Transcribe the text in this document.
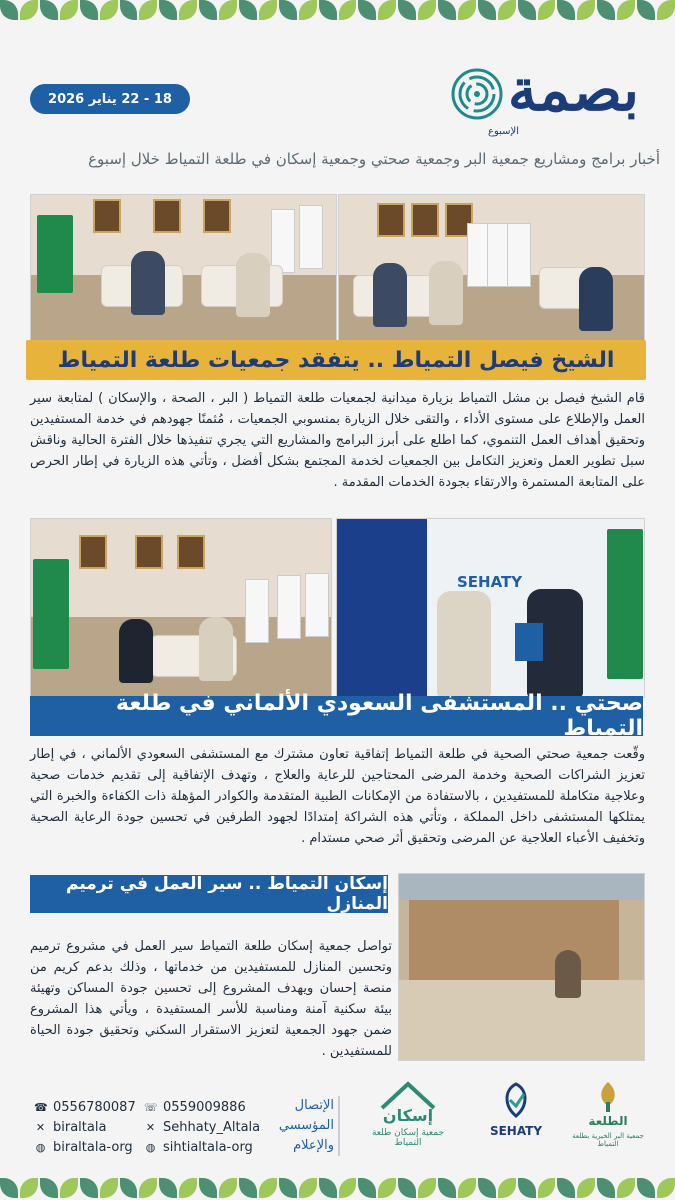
18 - 22 يناير 2026	بصمة
الإسبوع
أخبار برامج ومشاريع جمعية البر وجمعية صحتي وجمعية إسكان في طلعة التمياط خلال إسبوع
الشيخ فيصل التمياط .. يتفقد جمعيات طلعة التمياط
قام الشيخ فيصل بن مشل التمياط بزيارة ميدانية لجمعيات طلعة التمياط ( البر ، الصحة ، والإسكان ) لمتابعة سير العمل والإطلاع على مستوى الأداء ، والتقى خلال الزيارة بمنسوبي الجمعيات ، مُثمنًا جهودهم في خدمة المستفيدين وتحقيق أهداف العمل التنموي، كما اطلع على أبرز البرامج والمشاريع التي يجري تنفيذها خلال الفترة الحالية وناقش سبل تطوير العمل وتعزيز التكامل بين الجمعيات لخدمة المجتمع بشكل أفضل ، وتأتي هذه الزيارة في إطار الحرص على المتابعة المستمرة والارتقاء بجودة الخدمات المقدمة .
SEHATY
صحتي .. المستشفى السعودي الألماني في طلعة التمياط
وقّعت جمعية صحتي الصحية في طلعة التمياط إتفاقية تعاون مشترك مع المستشفى السعودي الألماني ، في إطار تعزيز الشراكات الصحية وخدمة المرضى المحتاجين للرعاية والعلاج ، وتهدف الإتفاقية إلى تقديم خدمات صحية وعلاجية متكاملة للمستفيدين ، بالاستفادة من الإمكانات الطبية المتقدمة والكوادر المؤهلة ذات الكفاءة والخبرة التي يمتلكها المستشفى داخل المملكة ، وتأتي هذه الشراكة إمتدادًا لجهود الطرفين في تحسين جودة الرعاية الصحية وتخفيف الأعباء العلاجية عن المرضى وتحقيق أثر صحي مستدام .
إسكان التمياط .. سير العمل في ترميم المنازل
تواصل جمعية إسكان طلعة التمياط سير العمل في مشروع ترميم وتحسين المنازل للمستفيدين من خدماتها ، وذلك بدعم كريم من منصة إحسان ويهدف المشروع إلى تحسين جودة المساكن وتهيئة بيئة سكنية آمنة ومناسبة للأسر المستفيدة ، ويأتي هذا المشروع ضمن جهود الجمعية لتعزيز الاستقرار السكني وتحقيق جودة الحياة للمستفيدين .
☎ 0556780087
✕ biraltala
◍ biraltala-org
☏ 0559009886
✕ Sehhaty_Altala
◍ sihtialtala-org
الإتصال
المؤسسي
والإعلام
إسكان
جمعية إسكان طلعة التمياط
SEHATY
الطلعة
جمعية البر الخيرية بطلعة التمياط
